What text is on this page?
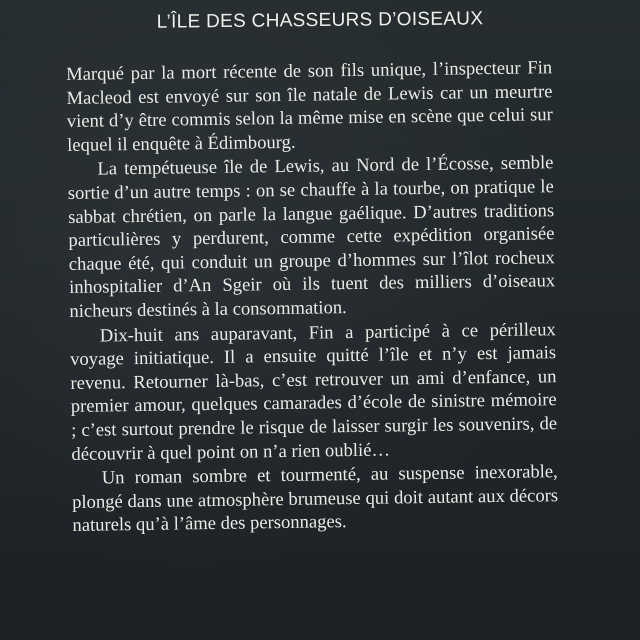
L’ÎLE DES CHASSEURS D’OISEAUX

Marqué par la mort récente de son fils unique, l’inspecteur Fin Macleod est envoyé sur son île natale de Lewis car un meurtre vient d’y être commis selon la même mise en scène que celui sur lequel il enquête à Édimbourg.

La tempétueuse île de Lewis, au Nord de l’Écosse, semble sortie d’un autre temps : on se chauffe à la tourbe, on pratique le sabbat chrétien, on parle la langue gaélique. D’autres traditions particulières y perdurent, comme cette expédition organisée chaque été, qui conduit un groupe d’hommes sur l’îlot rocheux inhospitalier d’An Sgeir où ils tuent des milliers d’oiseaux nicheurs destinés à la consommation.

Dix-huit ans auparavant, Fin a participé à ce périlleux voyage initiatique. Il a ensuite quitté l’île et n’y est jamais revenu. Retourner là-bas, c’est retrouver un ami d’enfance, un premier amour, quelques camarades d’école de sinistre mémoire ; c’est surtout prendre le risque de laisser surgir les souvenirs, de découvrir à quel point on n’a rien oublié…

Un roman sombre et tourmenté, au suspense inexorable, plongé dans une atmosphère brumeuse qui doit autant aux décors naturels qu’à l’âme des personnages.
